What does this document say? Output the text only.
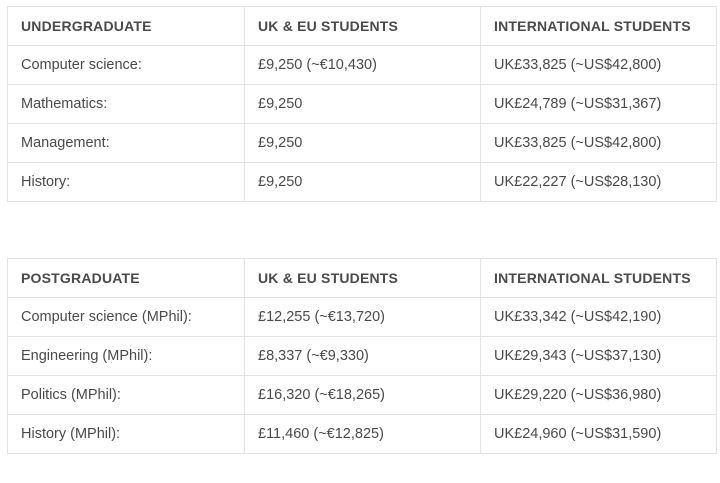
UNDERGRADUATE	UK & EU STUDENTS	INTERNATIONAL STUDENTS
Computer science:	£9,250 (~€10,430)	UK£33,825 (~US$42,800)
Mathematics:	£9,250	UK£24,789 (~US$31,367)
Management:	£9,250	UK£33,825 (~US$42,800)
History:	£9,250	UK£22,227 (~US$28,130)
POSTGRADUATE	UK & EU STUDENTS	INTERNATIONAL STUDENTS
Computer science (MPhil):	£12,255 (~€13,720)	UK£33,342 (~US$42,190)
Engineering (MPhil):	£8,337 (~€9,330)	UK£29,343 (~US$37,130)
Politics (MPhil):	£16,320 (~€18,265)	UK£29,220 (~US$36,980)
History (MPhil):	£11,460 (~€12,825)	UK£24,960 (~US$31,590)
